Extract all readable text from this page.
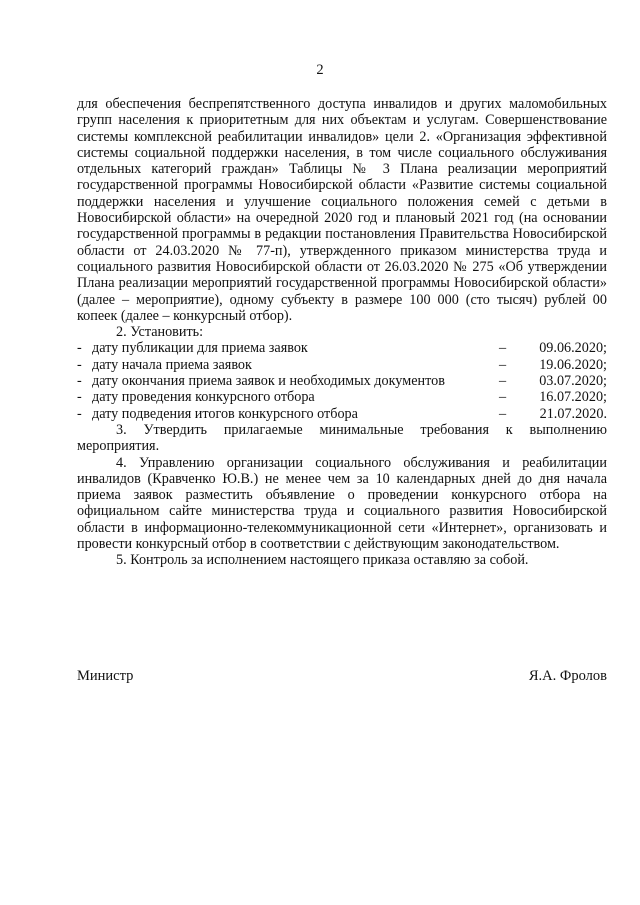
2

для обеспечения беспрепятственного доступа инвалидов и других маломобильных групп населения к приоритетным для них объектам и услугам. Совершенствование системы комплексной реабилитации инвалидов» цели 2. «Организация эффективной системы социальной поддержки населения, в том числе социального обслуживания отдельных категорий граждан» Таблицы № 3 Плана реализации мероприятий государственной программы Новосибирской области «Развитие системы социальной поддержки населения и улучшение социального положения семей с детьми в Новосибирской области» на очередной 2020 год и плановый 2021 год (на основании государственной программы в редакции постановления Правительства Новосибирской области от 24.03.2020 № 77-п), утвержденного приказом министерства труда и социального развития Новосибирской области от 26.03.2020 № 275 «Об утверждении Плана реализации мероприятий государственной программы Новосибирской области» (далее – мероприятие), одному субъекту в размере 100 000 (сто тысяч) рублей 00 копеек (далее – конкурсный отбор).

2. Установить:

- дату публикации для приема заявок	–	09.06.2020;
- дату начала приема заявок	–	19.06.2020;
- дату окончания приема заявок и необходимых документов	–	03.07.2020;
- дату проведения конкурсного отбора	–	16.07.2020;
- дату подведения итогов конкурсного отбора	–	21.07.2020.

3. Утвердить прилагаемые минимальные требования к выполнению мероприятия.

4. Управлению организации социального обслуживания и реабилитации инвалидов (Кравченко Ю.В.) не менее чем за 10 календарных дней до дня начала приема заявок разместить объявление о проведении конкурсного отбора на официальном сайте министерства труда и социального развития Новосибирской области в информационно-телекоммуникационной сети «Интернет», организовать и провести конкурсный отбор в соответствии с действующим законодательством.

5. Контроль за исполнением настоящего приказа оставляю за собой.

Министр	Я.А. Фролов
